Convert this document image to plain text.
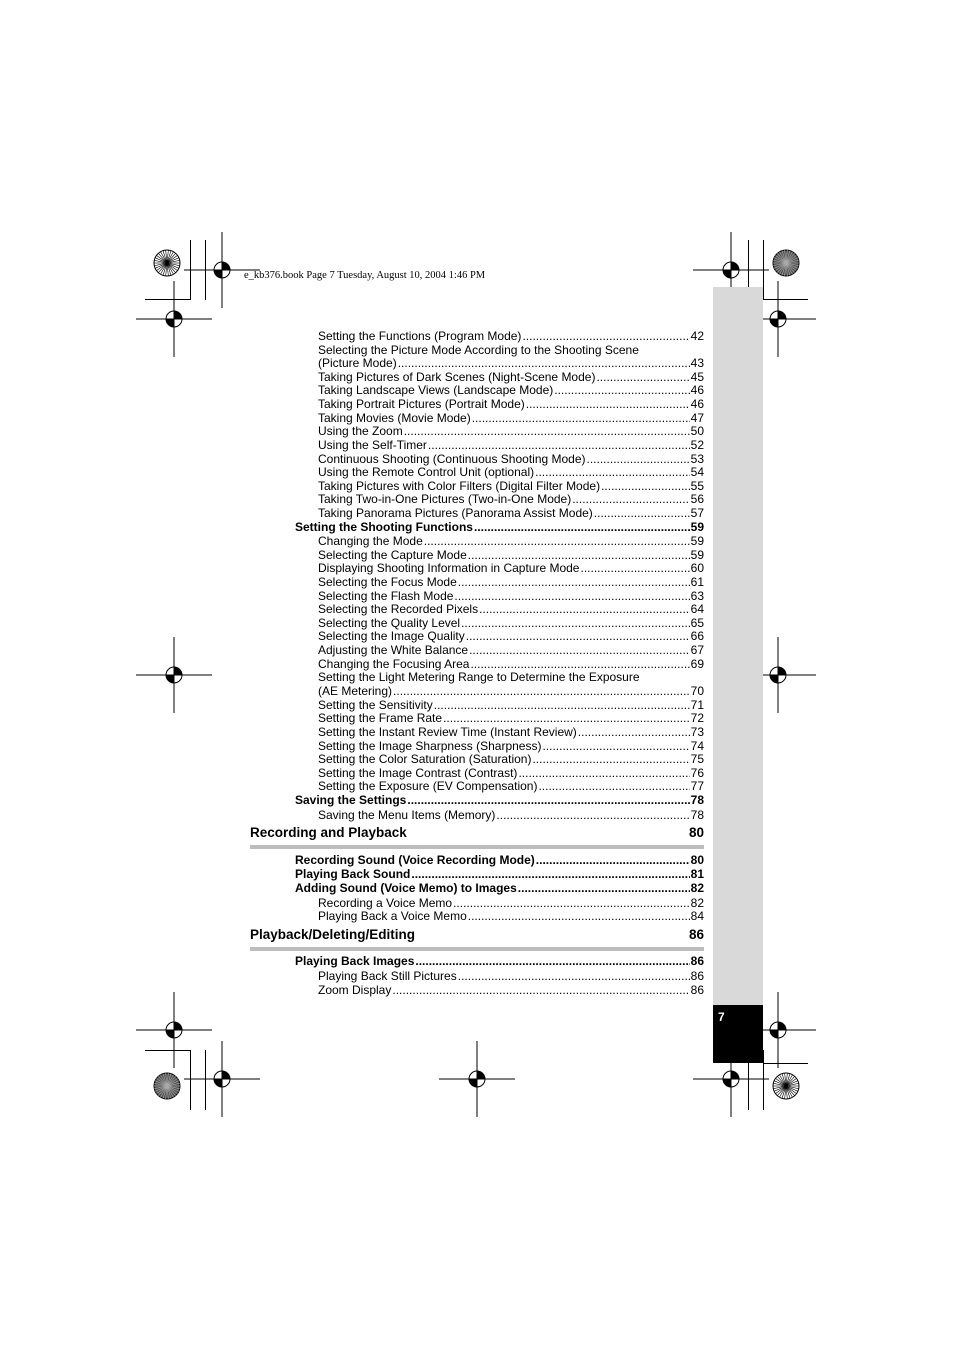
e_kb376.book Page 7 Tuesday, August 10, 2004 1:46 PM
7
Setting the Functions (Program Mode) .....	42
Selecting the Picture Mode According to the Shooting Scene
(Picture Mode) .....	43
Taking Pictures of Dark Scenes (Night-Scene Mode) .....	45
Taking Landscape Views (Landscape Mode) .....	46
Taking Portrait Pictures (Portrait Mode) .....	46
Taking Movies (Movie Mode) .....	47
Using the Zoom .....	50
Using the Self-Timer .....	52
Continuous Shooting (Continuous Shooting Mode) .....	53
Using the Remote Control Unit (optional) .....	54
Taking Pictures with Color Filters (Digital Filter Mode) .....	55
Taking Two-in-One Pictures (Two-in-One Mode) .....	56
Taking Panorama Pictures (Panorama Assist Mode) .....	57
Setting the Shooting Functions .....	59
Changing the Mode .....	59
Selecting the Capture Mode .....	59
Displaying Shooting Information in Capture Mode .....	60
Selecting the Focus Mode .....	61
Selecting the Flash Mode .....	63
Selecting the Recorded Pixels .....	64
Selecting the Quality Level .....	65
Selecting the Image Quality .....	66
Adjusting the White Balance .....	67
Changing the Focusing Area .....	69
Setting the Light Metering Range to Determine the Exposure
(AE Metering) .....	70
Setting the Sensitivity .....	71
Setting the Frame Rate .....	72
Setting the Instant Review Time (Instant Review) .....	73
Setting the Image Sharpness (Sharpness) .....	74
Setting the Color Saturation (Saturation) .....	75
Setting the Image Contrast (Contrast) .....	76
Setting the Exposure (EV Compensation) .....	77
Saving the Settings .....	78
Saving the Menu Items (Memory) .....	78
Recording and Playback	80
Recording Sound (Voice Recording Mode) .....	80
Playing Back Sound .....	81
Adding Sound (Voice Memo) to Images .....	82
Recording a Voice Memo .....	82
Playing Back a Voice Memo .....	84
Playback/Deleting/Editing	86
Playing Back Images .....	86
Playing Back Still Pictures .....	86
Zoom Display .....	86
